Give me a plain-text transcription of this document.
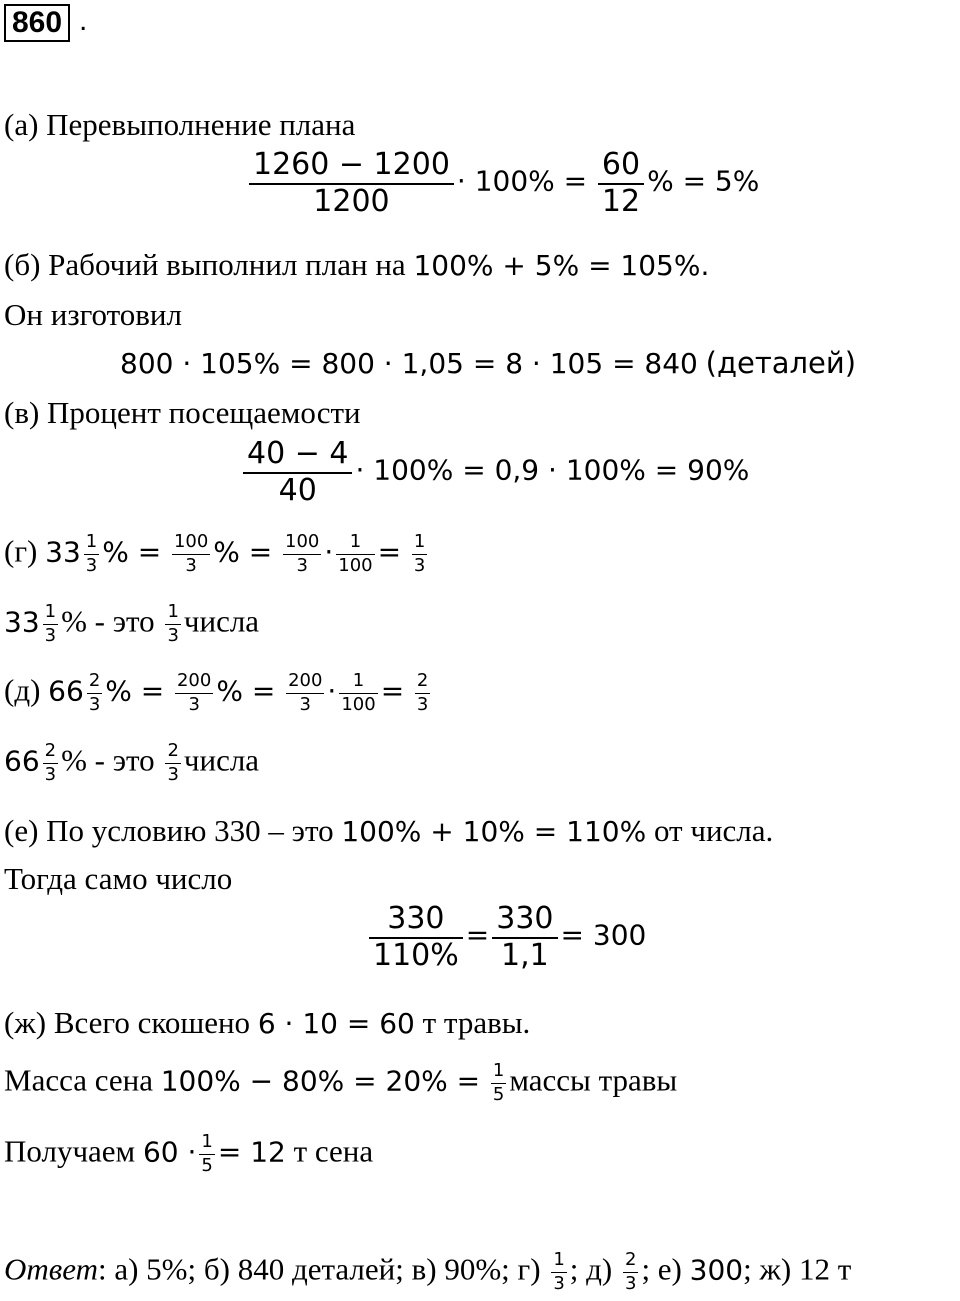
860 .
(а) Перевыполнение плана
$\frac{1260 - 1200}{1200} \cdot 100\% = \frac{60}{12}$ % = 5%
(б) Рабочий выполнил план на 100% + 5% = 105%.
Он изготовил
800 · 105% = 800 · 1,05 = 8 · 105 = 840 (деталей)
(в) Процент посещаемости
$\frac{40 - 4}{40} \cdot 100\% = 0,9 \cdot 100\% = 90\%$
(г) $33 \frac{1}{3}$ % = $\frac{100}{3}$ % = $\frac{100}{3} \cdot \frac{1}{100} = \frac{1}{3}$
$33 \frac{1}{3}$ % - это $\frac{1}{3}$ числа
(д) $66 \frac{2}{3}$ % = $\frac{200}{3}$ % = $\frac{200}{3} \cdot \frac{1}{100} = \frac{2}{3}$
$66 \frac{2}{3}$ % - это $\frac{2}{3}$ числа
(е) По условию 330 – это 100% + 10% = 110% от числа.
Тогда само число
$\frac{330}{110\%} = \frac{330}{1,1} = 300$
(ж) Всего скошено 6 · 10 = 60 т травы.
Масса сена $100\% - 80\% = 20\% = \frac{1}{5}$ массы травы
Получаем $60 \cdot \frac{1}{5} = 12$ т сена
Ответ: а) 5%; б) 840 деталей; в) 90%; $г) \frac{1}{3}$ ; $д) \frac{2}{3}$ ; е) 300; ж) 12 т
